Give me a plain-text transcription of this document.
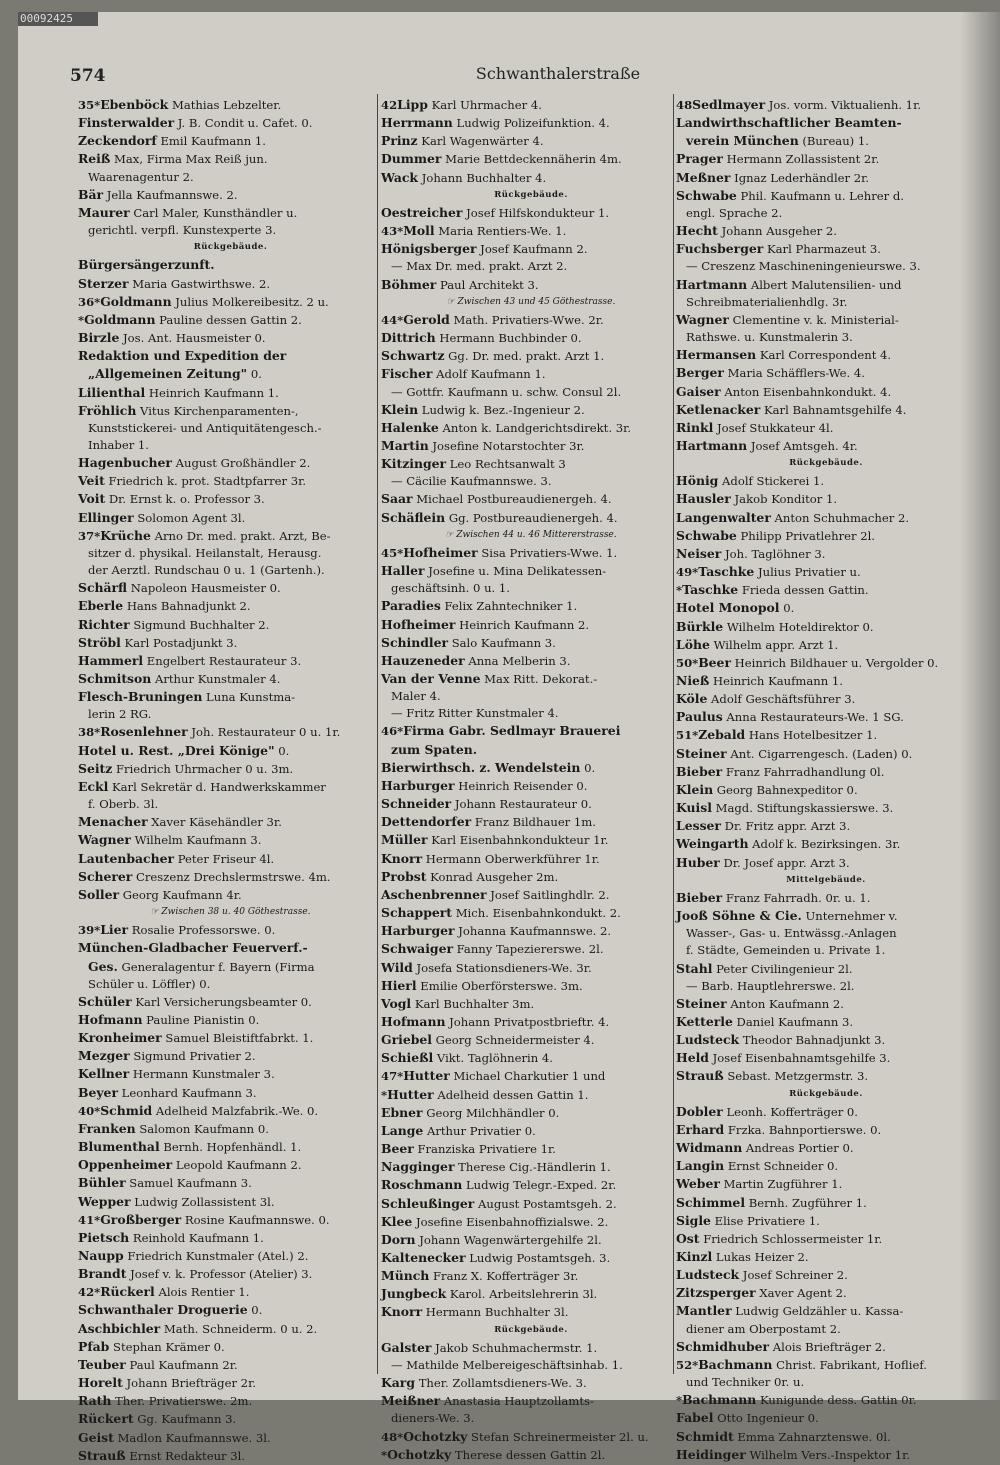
00092425
574	Schwanthalerstraße
35*Ebenböck Mathias Lebzelter.
Finsterwalder J. B. Condit u. Cafet. 0.
Zeckendorf Emil Kaufmann 1.
Reiß Max, Firma Max Reiß jun.
Waarenagentur 2.
Bär Jella Kaufmannswe. 2.
Maurer Carl Maler, Kunsthändler u.
gerichtl. verpfl. Kunstexperte 3.
Rückgebäude.
Bürgersängerzunft.
Sterzer Maria Gastwirthswe. 2.
36*Goldmann Julius Molkereibesitz. 2 u.
*Goldmann Pauline dessen Gattin 2.
Birzle Jos. Ant. Hausmeister 0.
Redaktion und Expedition der
„Allgemeinen Zeitung" 0.
Lilienthal Heinrich Kaufmann 1.
Fröhlich Vitus Kirchenparamenten-,
Kunststickerei- und Antiquitätengesch.-
Inhaber 1.
Hagenbucher August Großhändler 2.
Veit Friedrich k. prot. Stadtpfarrer 3r.
Voit Dr. Ernst k. o. Professor 3.
Ellinger Solomon Agent 3l.
37*Krüche Arno Dr. med. prakt. Arzt, Be-
sitzer d. physikal. Heilanstalt, Herausg.
der Aerztl. Rundschau 0 u. 1 (Gartenh.).
Schärfl Napoleon Hausmeister 0.
Eberle Hans Bahnadjunkt 2.
Richter Sigmund Buchhalter 2.
Ströbl Karl Postadjunkt 3.
Hammerl Engelbert Restaurateur 3.
Schmitson Arthur Kunstmaler 4.
Flesch-Bruningen Luna Kunstma-
lerin 2 RG.
38*Rosenlehner Joh. Restaurateur 0 u. 1r.
Hotel u. Rest. „Drei Könige" 0.
Seitz Friedrich Uhrmacher 0 u. 3m.
Eckl Karl Sekretär d. Handwerkskammer
f. Oberb. 3l.
Menacher Xaver Käsehändler 3r.
Wagner Wilhelm Kaufmann 3.
Lautenbacher Peter Friseur 4l.
Scherer Creszenz Drechslermstrswe. 4m.
Soller Georg Kaufmann 4r.
☞ Zwischen 38 u. 40 Göthestrasse.
39*Lier Rosalie Professorswe. 0.
München-Gladbacher Feuerverf.-
Ges. Generalagentur f. Bayern (Firma
Schüler u. Löffler) 0.
Schüler Karl Versicherungsbeamter 0.
Hofmann Pauline Pianistin 0.
Kronheimer Samuel Bleistiftfabrkt. 1.
Mezger Sigmund Privatier 2.
Kellner Hermann Kunstmaler 3.
Beyer Leonhard Kaufmann 3.
40*Schmid Adelheid Malzfabrik.-We. 0.
Franken Salomon Kaufmann 0.
Blumenthal Bernh. Hopfenhändl. 1.
Oppenheimer Leopold Kaufmann 2.
Bühler Samuel Kaufmann 3.
Wepper Ludwig Zollassistent 3l.
41*Großberger Rosine Kaufmannswe. 0.
Pietsch Reinhold Kaufmann 1.
Naupp Friedrich Kunstmaler (Atel.) 2.
Brandt Josef v. k. Professor (Atelier) 3.
42*Rückerl Alois Rentier 1.
Schwanthaler Droguerie 0.
Aschbichler Math. Schneiderm. 0 u. 2.
Pfab Stephan Krämer 0.
Teuber Paul Kaufmann 2r.
Horelt Johann Briefträger 2r.
Rath Ther. Privatierswe. 2m.
Rückert Gg. Kaufmann 3.
Geist Madlon Kaufmannswe. 3l.
Strauß Ernst Redakteur 3l.
42Lipp Karl Uhrmacher 4.
Herrmann Ludwig Polizeifunktion. 4.
Prinz Karl Wagenwärter 4.
Dummer Marie Bettdeckennäherin 4m.
Wack Johann Buchhalter 4.
Rückgebäude.
Oestreicher Josef Hilfskondukteur 1.
43*Moll Maria Rentiers-We. 1.
Hönigsberger Josef Kaufmann 2.
— Max Dr. med. prakt. Arzt 2.
Böhmer Paul Architekt 3.
☞ Zwischen 43 und 45 Göthestrasse.
44*Gerold Math. Privatiers-Wwe. 2r.
Dittrich Hermann Buchbinder 0.
Schwartz Gg. Dr. med. prakt. Arzt 1.
Fischer Adolf Kaufmann 1.
— Gottfr. Kaufmann u. schw. Consul 2l.
Klein Ludwig k. Bez.-Ingenieur 2.
Halenke Anton k. Landgerichtsdirekt. 3r.
Martin Josefine Notarstochter 3r.
Kitzinger Leo Rechtsanwalt 3
— Cäcilie Kaufmannswe. 3.
Saar Michael Postbureaudienergeh. 4.
Schäflein Gg. Postbureaudienergeh. 4.
☞ Zwischen 44 u. 46 Mittererstrasse.
45*Hofheimer Sisa Privatiers-Wwe. 1.
Haller Josefine u. Mina Delikatessen-
geschäftsinh. 0 u. 1.
Paradies Felix Zahntechniker 1.
Hofheimer Heinrich Kaufmann 2.
Schindler Salo Kaufmann 3.
Hauzeneder Anna Melberin 3.
Van der Venne Max Ritt. Dekorat.-
Maler 4.
— Fritz Ritter Kunstmaler 4.
46*Firma Gabr. Sedlmayr Brauerei
zum Spaten.
Bierwirthsch. z. Wendelstein 0.
Harburger Heinrich Reisender 0.
Schneider Johann Restaurateur 0.
Dettendorfer Franz Bildhauer 1m.
Müller Karl Eisenbahnkondukteur 1r.
Knorr Hermann Oberwerkführer 1r.
Probst Konrad Ausgeher 2m.
Aschenbrenner Josef Saitlinghdlr. 2.
Schappert Mich. Eisenbahnkondukt. 2.
Harburger Johanna Kaufmannswe. 2.
Schwaiger Fanny Tapeziererswe. 2l.
Wild Josefa Stationsdieners-We. 3r.
Hierl Emilie Oberförsterswe. 3m.
Vogl Karl Buchhalter 3m.
Hofmann Johann Privatpostbrieftr. 4.
Griebel Georg Schneidermeister 4.
Schießl Vikt. Taglöhnerin 4.
47*Hutter Michael Charkutier 1 und
*Hutter Adelheid dessen Gattin 1.
Ebner Georg Milchhändler 0.
Lange Arthur Privatier 0.
Beer Franziska Privatiere 1r.
Nagginger Therese Cig.-Händlerin 1.
Roschmann Ludwig Telegr.-Exped. 2r.
Schleußinger August Postamtsgeh. 2.
Klee Josefine Eisenbahnoffizialswe. 2.
Dorn Johann Wagenwärtergehilfe 2l.
Kaltenecker Ludwig Postamtsgeh. 3.
Münch Franz X. Kofferträger 3r.
Jungbeck Karol. Arbeitslehrerin 3l.
Knorr Hermann Buchhalter 3l.
Rückgebäude.
Galster Jakob Schuhmachermstr. 1.
— Mathilde Melbereigeschäftsinhab. 1.
Karg Ther. Zollamtsdieners-We. 3.
Meißner Anastasia Hauptzollamts-
dieners-We. 3.
48*Ochotzky Stefan Schreinermeister 2l. u.
*Ochotzky Therese dessen Gattin 2l.
48Sedlmayer Jos. vorm. Viktualienh. 1r.
Landwirthschaftlicher Beamten-
verein München (Bureau) 1.
Prager Hermann Zollassistent 2r.
Meßner Ignaz Lederhändler 2r.
Schwabe Phil. Kaufmann u. Lehrer d.
engl. Sprache 2.
Hecht Johann Ausgeher 2.
Fuchsberger Karl Pharmazeut 3.
— Creszenz Maschineningenieurswe. 3.
Hartmann Albert Malutensilien- und
Schreibmaterialienhdlg. 3r.
Wagner Clementine v. k. Ministerial-
Rathswe. u. Kunstmalerin 3.
Hermansen Karl Correspondent 4.
Berger Maria Schäfflers-We. 4.
Gaiser Anton Eisenbahnkondukt. 4.
Ketlenacker Karl Bahnamtsgehilfe 4.
Rinkl Josef Stukkateur 4l.
Hartmann Josef Amtsgeh. 4r.
Rückgebäude.
Hönig Adolf Stickerei 1.
Hausler Jakob Konditor 1.
Langenwalter Anton Schuhmacher 2.
Schwabe Philipp Privatlehrer 2l.
Neiser Joh. Taglöhner 3.
49*Taschke Julius Privatier u.
*Taschke Frieda dessen Gattin.
Hotel Monopol 0.
Bürkle Wilhelm Hoteldirektor 0.
Löhe Wilhelm appr. Arzt 1.
50*Beer Heinrich Bildhauer u. Vergolder 0.
Nieß Heinrich Kaufmann 1.
Köle Adolf Geschäftsführer 3.
Paulus Anna Restaurateurs-We. 1 SG.
51*Zebald Hans Hotelbesitzer 1.
Steiner Ant. Cigarrengesch. (Laden) 0.
Bieber Franz Fahrradhandlung 0l.
Klein Georg Bahnexpeditor 0.
Kuisl Magd. Stiftungskassierswe. 3.
Lesser Dr. Fritz appr. Arzt 3.
Weingarth Adolf k. Bezirksingen. 3r.
Huber Dr. Josef appr. Arzt 3.
Mittelgebäude.
Bieber Franz Fahrradh. 0r. u. 1.
Jooß Söhne & Cie. Unternehmer v.
Wasser-, Gas- u. Entwässg.-Anlagen
f. Städte, Gemeinden u. Private 1.
Stahl Peter Civilingenieur 2l.
— Barb. Hauptlehrerswe. 2l.
Steiner Anton Kaufmann 2.
Ketterle Daniel Kaufmann 3.
Ludsteck Theodor Bahnadjunkt 3.
Held Josef Eisenbahnamtsgehilfe 3.
Strauß Sebast. Metzgermstr. 3.
Rückgebäude.
Dobler Leonh. Kofferträger 0.
Erhard Frzka. Bahnportierswe. 0.
Widmann Andreas Portier 0.
Langin Ernst Schneider 0.
Weber Martin Zugführer 1.
Schimmel Bernh. Zugführer 1.
Sigle Elise Privatiere 1.
Ost Friedrich Schlossermeister 1r.
Kinzl Lukas Heizer 2.
Ludsteck Josef Schreiner 2.
Zitzsperger Xaver Agent 2.
Mantler Ludwig Geldzähler u. Kassa-
diener am Oberpostamt 2.
Schmidhuber Alois Briefträger 2.
52*Bachmann Christ. Fabrikant, Hoflief.
und Techniker 0r. u.
*Bachmann Kunigunde dess. Gattin 0r.
Fabel Otto Ingenieur 0.
Schmidt Emma Zahnarztenswe. 0l.
Heidinger Wilhelm Vers.-Inspektor 1r.
